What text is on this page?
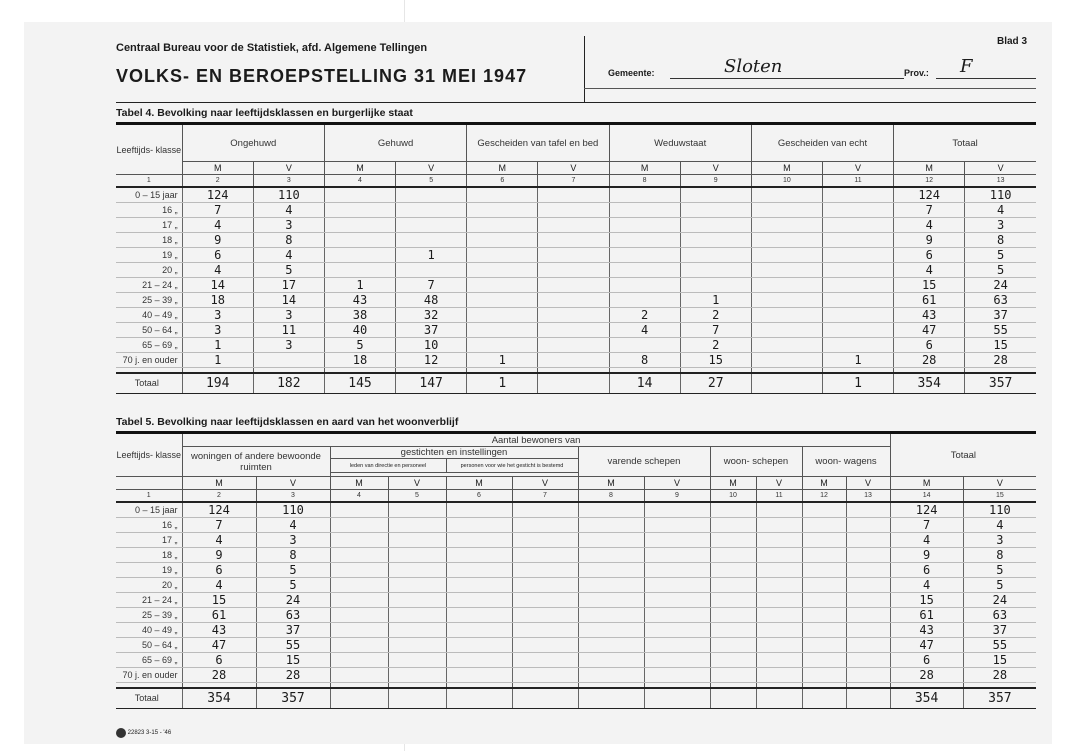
Centraal Bureau voor de Statistiek, afd. Algemene Tellingen
VOLKS- EN BEROEPSTELLING 31 MEI 1947
Blad 3
Gemeente:	Sloten	Prov.: F
Tabel 4. Bevolking naar leeftijdsklassen en burgerlijke staat
Leeftijds- klasse	Ongehuwd		Gehuwd		Gescheiden van tafel en bed		Weduwstaat		Gescheiden van echt		Totaal	
	M	V	M	V	M	V	M	V	M	V	M	V
1	2	3	4	5	6	7	8	9	10	11	12	13
0 – 15 jaar	124	110									124	110
16 „	7	4									7	4
17 „	4	3									4	3
18 „	9	8									9	8
19 „	6	4		1							6	5
20 „	4	5									4	5
21 – 24 „	14	17	1	7							15	24
25 – 39 „	18	14	43	48				1			61	63
40 – 49 „	3	3	38	32			2	2			43	37
50 – 64 „	3	11	40	37			4	7			47	55
65 – 69 „	1	3	5	10				2			6	15
70 j. en ouder	1		18	12	1		8	15		1	28	28

Totaal	194	182	145	147	1		14	27		1	354	357
Tabel 5. Bevolking naar leeftijdsklassen en aard van het woonverblijf
Leeftijds- klasse	Aantal bewoners van												Totaal	
	woningen of andere bewoonde ruimten		gestichten en instellingen				varende schepen		woon- schepen		woon- wagens			
			leden van directie en personeel		personen voor wie het gesticht is bestemd									

	M	V	M	V	M	V	M	V	M	V	M	V	M	V
1	2	3	4	5	6	7	8	9	10	11	12	13	14	15
0 – 15 jaar	124	110											124	110
16 „	7	4											7	4
17 „	4	3											4	3
18 „	9	8											9	8
19 „	6	5											6	5
20 „	4	5											4	5
21 – 24 „	15	24											15	24
25 – 39 „	61	63											61	63
40 – 49 „	43	37											43	37
50 – 64 „	47	55											47	55
65 – 69 „	6	15											6	15
70 j. en ouder	28	28											28	28

Totaal	354	357											354	357
22823 3-15 - '46
